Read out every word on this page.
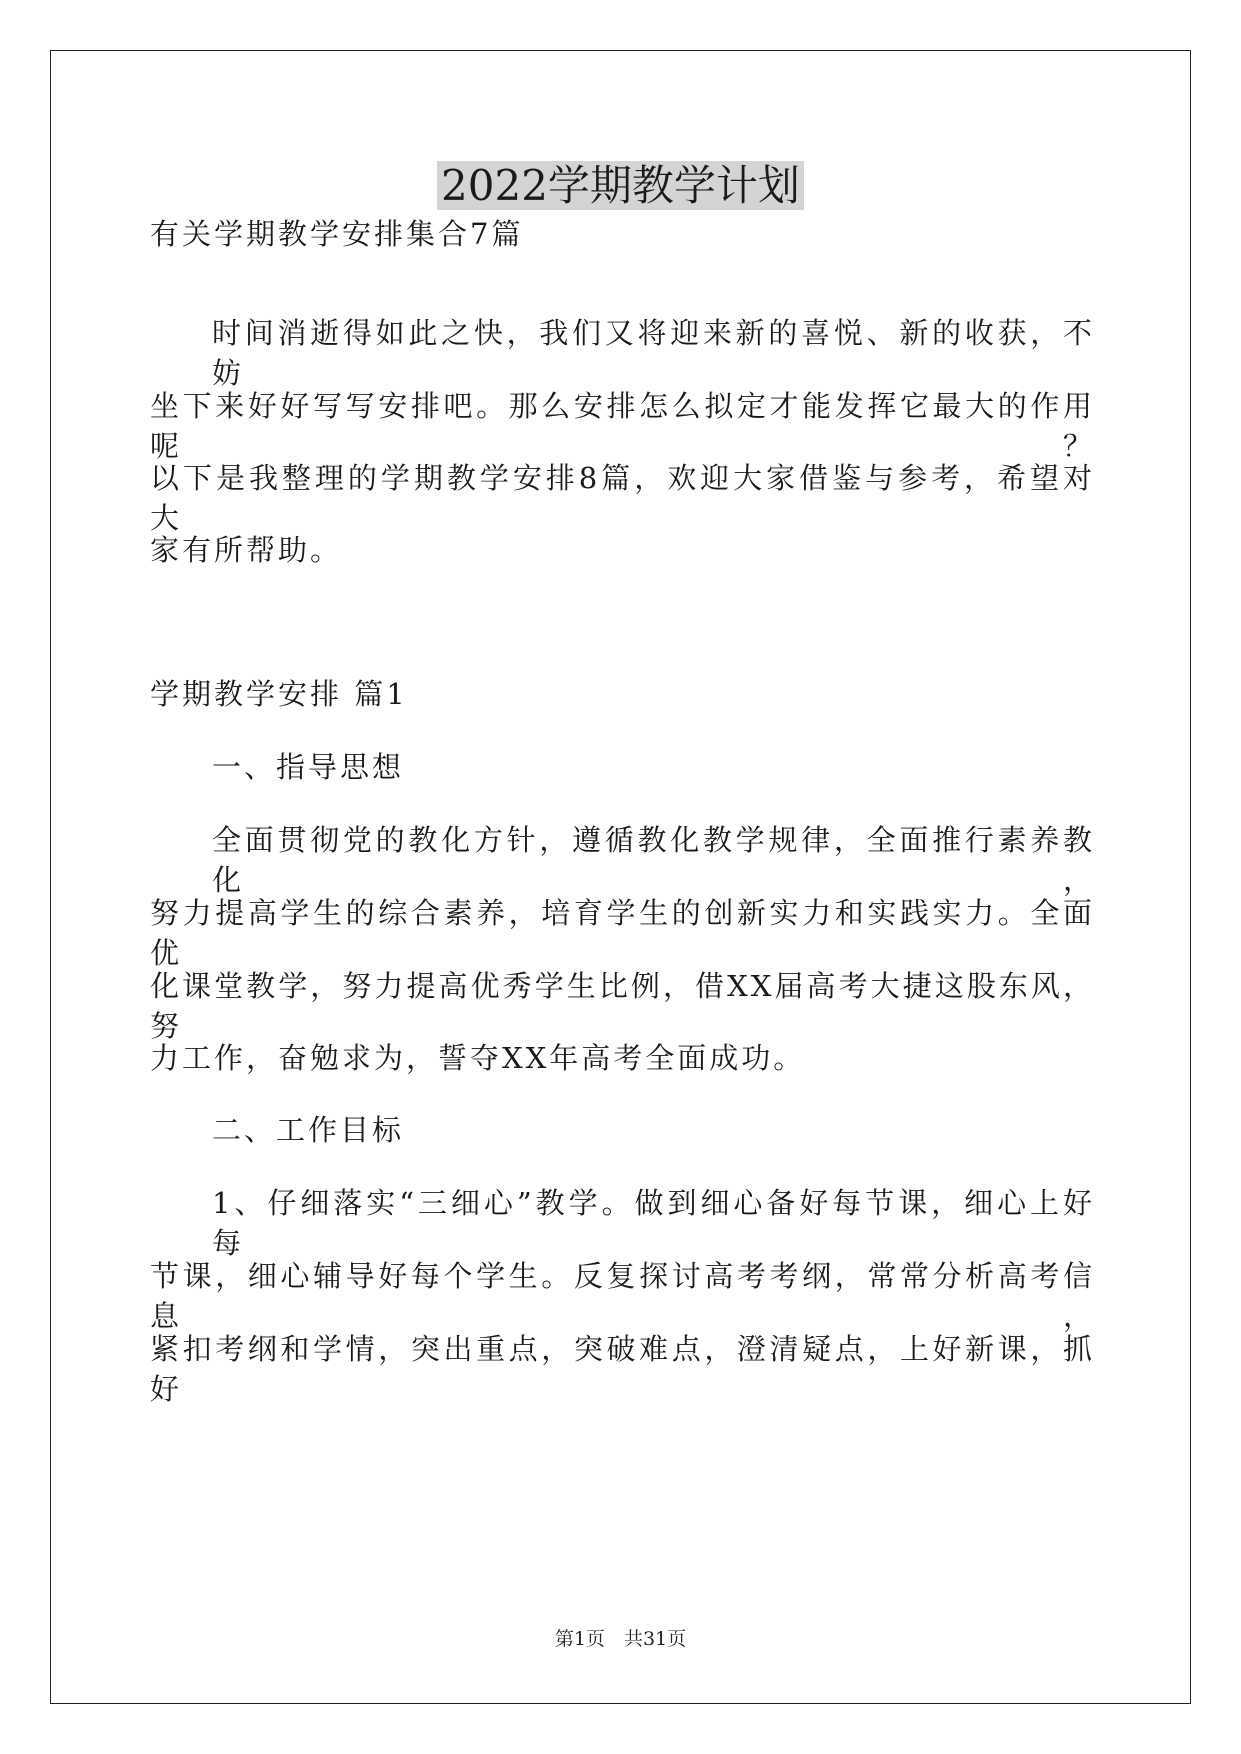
2022学期教学计划
有关学期教学安排集合7篇
时间消逝得如此之快，我们又将迎来新的喜悦、新的收获，不妨
坐下来好好写写安排吧。那么安排怎么拟定才能发挥它最大的作用呢？
以下是我整理的学期教学安排8篇，欢迎大家借鉴与参考，希望对大
家有所帮助。
学期教学安排 篇1
一、指导思想
全面贯彻党的教化方针，遵循教化教学规律，全面推行素养教化，
努力提高学生的综合素养，培育学生的创新实力和实践实力。全面优
化课堂教学，努力提高优秀学生比例，借XX届高考大捷这股东风，努
力工作，奋勉求为，誓夺XX年高考全面成功。
二、工作目标
1、仔细落实“三细心”教学。做到细心备好每节课，细心上好每
节课，细心辅导好每个学生。反复探讨高考考纲，常常分析高考信息，
紧扣考纲和学情，突出重点，突破难点，澄清疑点，上好新课，抓好
第1页　共31页
